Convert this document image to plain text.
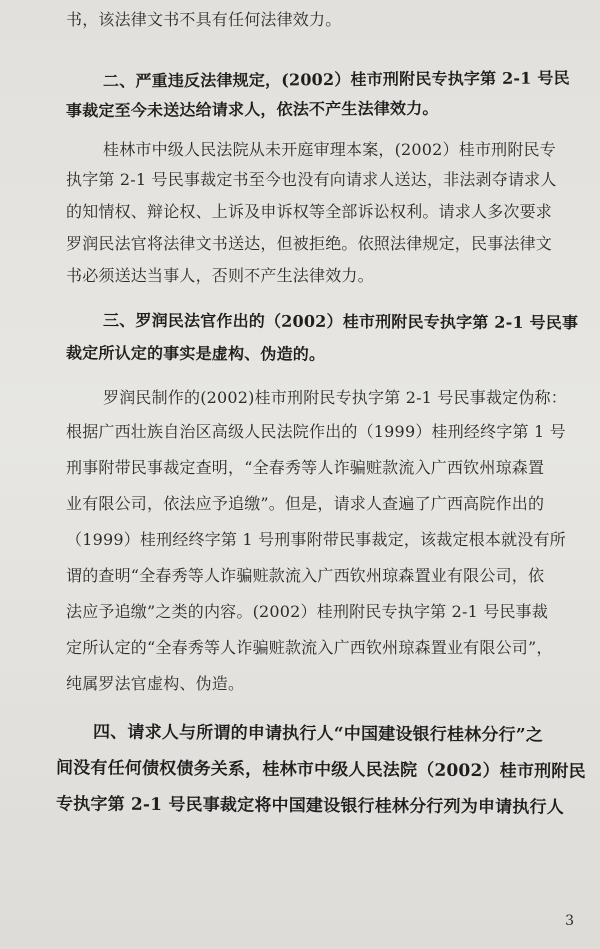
书，该法律文书不具有任何法律效力。
二、严重违反法律规定，(2002）桂市刑附民专执字第 2-1 号民
事裁定至今未送达给请求人，依法不产生法律效力。
桂林市中级人民法院从未开庭审理本案，(2002）桂市刑附民专
执字第 2-1 号民事裁定书至今也没有向请求人送达，非法剥夺请求人
的知情权、辩论权、上诉及申诉权等全部诉讼权利。请求人多次要求
罗润民法官将法律文书送达，但被拒绝。依照法律规定，民事法律文
书必须送达当事人，否则不产生法律效力。
三、罗润民法官作出的（2002）桂市刑附民专执字第 2-1 号民事
裁定所认定的事实是虚构、伪造的。
罗润民制作的(2002)桂市刑附民专执字第 2-1 号民事裁定伪称：
根据广西壮族自治区高级人民法院作出的（1999）桂刑经终字第 1 号
刑事附带民事裁定查明，“全春秀等人诈骗赃款流入广西钦州琼森置
业有限公司，依法应予追缴”。但是，请求人查遍了广西高院作出的
（1999）桂刑经终字第 1 号刑事附带民事裁定，该裁定根本就没有所
谓的查明“全春秀等人诈骗赃款流入广西钦州琼森置业有限公司，依
法应予追缴”之类的内容。(2002）桂刑附民专执字第 2-1 号民事裁
定所认定的“全春秀等人诈骗赃款流入广西钦州琼森置业有限公司”，
纯属罗法官虚构、伪造。
四、请求人与所谓的申请执行人“中国建设银行桂林分行”之
间没有任何债权债务关系，桂林市中级人民法院（2002）桂市刑附民
专执字第 2-1 号民事裁定将中国建设银行桂林分行列为申请执行人
3
